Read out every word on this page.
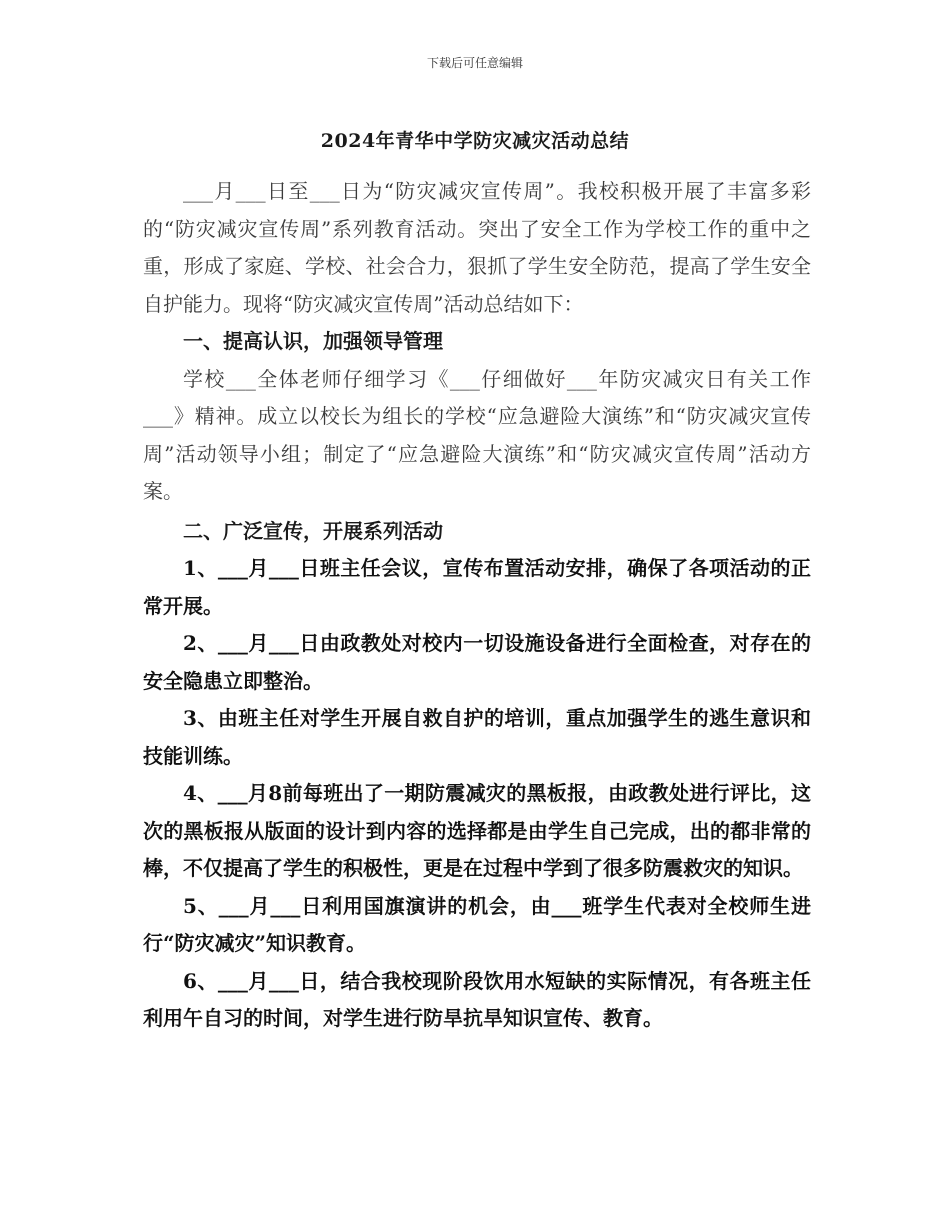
下载后可任意编辑
2024年青华中学防灾减灾活动总结

___月___日至___日为“防灾减灾宣传周”。我校积极开展了丰富多彩的“防灾减灾宣传周”系列教育活动。突出了安全工作为学校工作的重中之重，形成了家庭、学校、社会合力，狠抓了学生安全防范，提高了学生安全自护能力。现将“防灾减灾宣传周”活动总结如下：

一、提高认识，加强领导管理

学校___全体老师仔细学习《___仔细做好___年防灾减灾日有关工作___》精神。成立以校长为组长的学校“应急避险大演练”和“防灾减灾宣传周”活动领导小组；制定了“应急避险大演练”和“防灾减灾宣传周”活动方案。

二、广泛宣传，开展系列活动

1、___月___日班主任会议，宣传布置活动安排，确保了各项活动的正常开展。

2、___月___日由政教处对校内一切设施设备进行全面检查，对存在的安全隐患立即整治。

3、由班主任对学生开展自救自护的培训，重点加强学生的逃生意识和技能训练。

4、___月8前每班出了一期防震减灾的黑板报，由政教处进行评比，这次的黑板报从版面的设计到内容的选择都是由学生自己完成，出的都非常的棒，不仅提高了学生的积极性，更是在过程中学到了很多防震救灾的知识。

5、___月___日利用国旗演讲的机会，由___班学生代表对全校师生进行“防灾减灾”知识教育。

6、___月___日，结合我校现阶段饮用水短缺的实际情况，有各班主任利用午自习的时间，对学生进行防旱抗旱知识宣传、教育。
